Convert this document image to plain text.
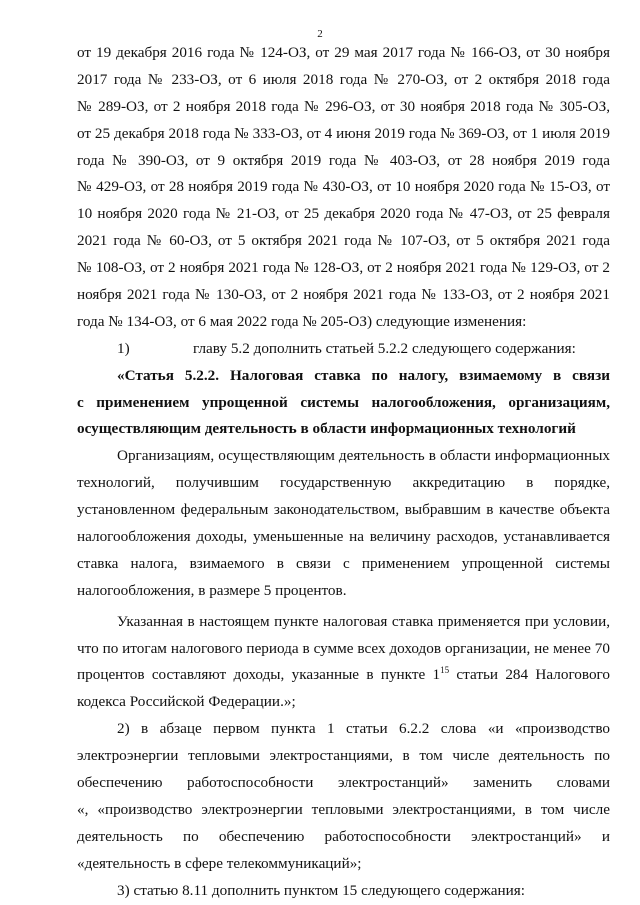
2
от 19 декабря 2016 года № 124-ОЗ, от 29 мая 2017 года № 166-ОЗ, от 30 ноября
2017 года № 233-ОЗ, от 6 июля 2018 года № 270-ОЗ, от 2 октября 2018 года
№ 289-ОЗ, от 2 ноября 2018 года № 296-ОЗ, от 30 ноября 2018 года № 305-ОЗ,
от 25 декабря 2018 года № 333-ОЗ, от 4 июня 2019 года № 369-ОЗ, от 1 июля 2019
года № 390-ОЗ, от 9 октября 2019 года № 403-ОЗ, от 28 ноября 2019 года
№ 429-ОЗ, от 28 ноября 2019 года № 430-ОЗ, от 10 ноября 2020 года № 15-ОЗ, от
10 ноября 2020 года № 21-ОЗ, от 25 декабря 2020 года № 47-ОЗ, от 25 февраля
2021 года № 60-ОЗ, от 5 октября 2021 года № 107-ОЗ, от 5 октября 2021 года
№ 108-ОЗ, от 2 ноября 2021 года № 128-ОЗ, от 2 ноября 2021 года № 129-ОЗ, от 2
ноября 2021 года № 130-ОЗ, от 2 ноября 2021 года № 133-ОЗ, от 2 ноября 2021
года № 134-ОЗ, от 6 мая 2022 года № 205-ОЗ) следующие изменения:
1)	главу 5.2 дополнить статьей 5.2.2 следующего содержания:
«Статья 5.2.2. Налоговая ставка по налогу, взимаемому в связи
с применением упрощенной системы налогообложения, организациям,
осуществляющим деятельность в области информационных технологий
Организациям, осуществляющим деятельность в области информационных
технологий, получившим государственную аккредитацию в порядке,
установленном федеральным законодательством, выбравшим в качестве объекта
налогообложения доходы, уменьшенные на величину расходов, устанавливается
ставка налога, взимаемого в связи с применением упрощенной системы
налогообложения, в размере 5 процентов.
Указанная в настоящем пункте налоговая ставка применяется при условии,
что по итогам налогового периода в сумме всех доходов организации, не менее 70
процентов составляют доходы, указанные в пункте $1^{15}$ статьи 284 Налогового
кодекса Российской Федерации.»;
2) в абзаце первом пункта 1 статьи 6.2.2 слова «и «производство
электроэнергии тепловыми электростанциями, в том числе деятельность по
обеспечению работоспособности электростанций» заменить словами
«, «производство электроэнергии тепловыми электростанциями, в том числе
деятельность по обеспечению работоспособности электростанций» и
«деятельность в сфере телекоммуникаций»;
3) статью 8.11 дополнить пунктом 15 следующего содержания:
